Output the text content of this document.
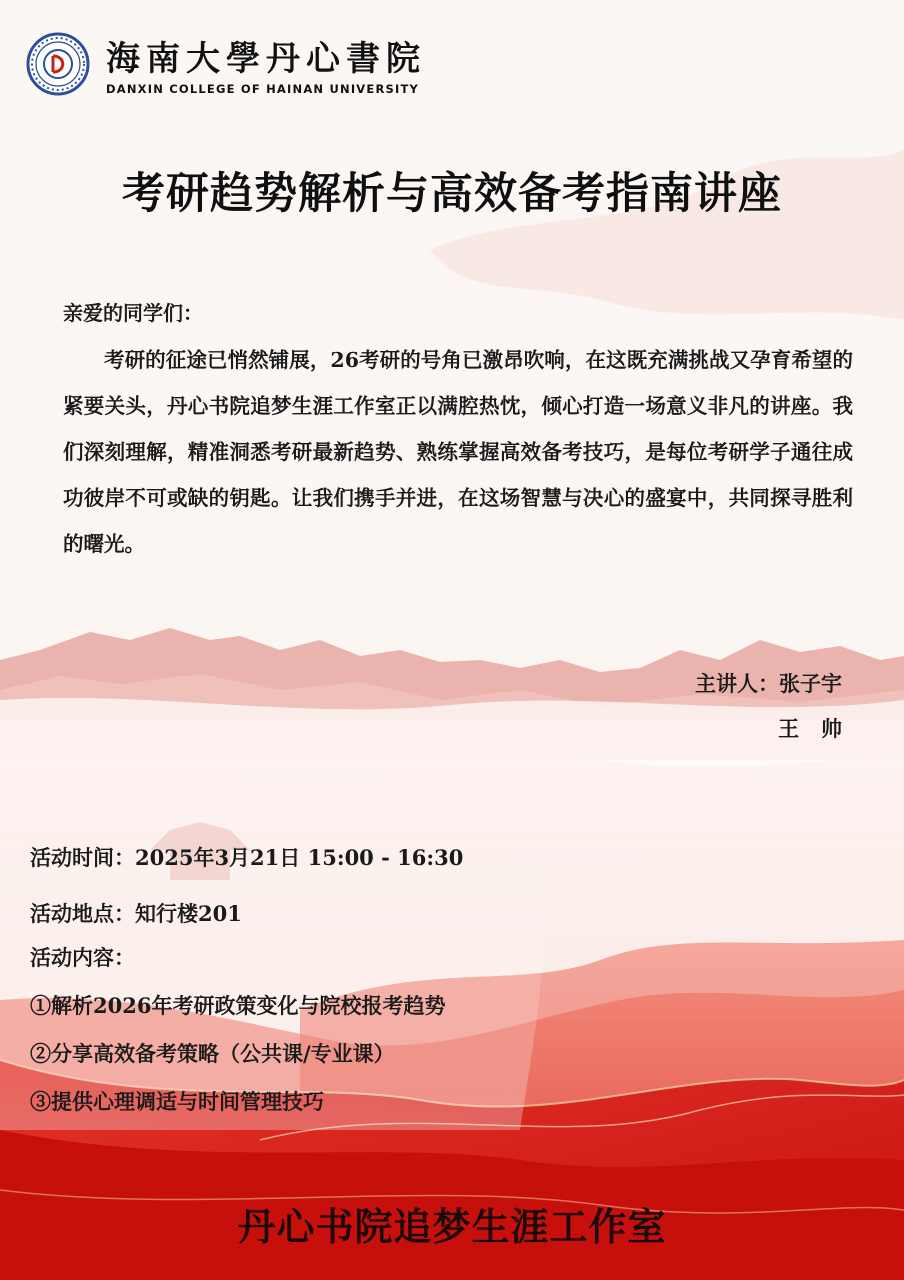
海南大學丹心書院
DANXIN COLLEGE OF HAINAN UNIVERSITY
考研趋势解析与高效备考指南讲座
亲爱的同学们：

考研的征途已悄然铺展，26考研的号角已激昂吹响，在这既充满挑战又孕育希望的紧要关头，丹心书院追梦生涯工作室正以满腔热忱，倾心打造一场意义非凡的讲座。我们深刻理解，精准洞悉考研最新趋势、熟练掌握高效备考技巧，是每位考研学子通往成功彼岸不可或缺的钥匙。让我们携手并进，在这场智慧与决心的盛宴中，共同探寻胜利的曙光。

主讲人：张子宇
王   帅
活动时间：2025年3月21日 15:00 - 16:30
活动地点：知行楼201
活动内容：
①解析2026年考研政策变化与院校报考趋势
②分享高效备考策略（公共课/专业课）
③提供心理调适与时间管理技巧
丹心书院追梦生涯工作室
